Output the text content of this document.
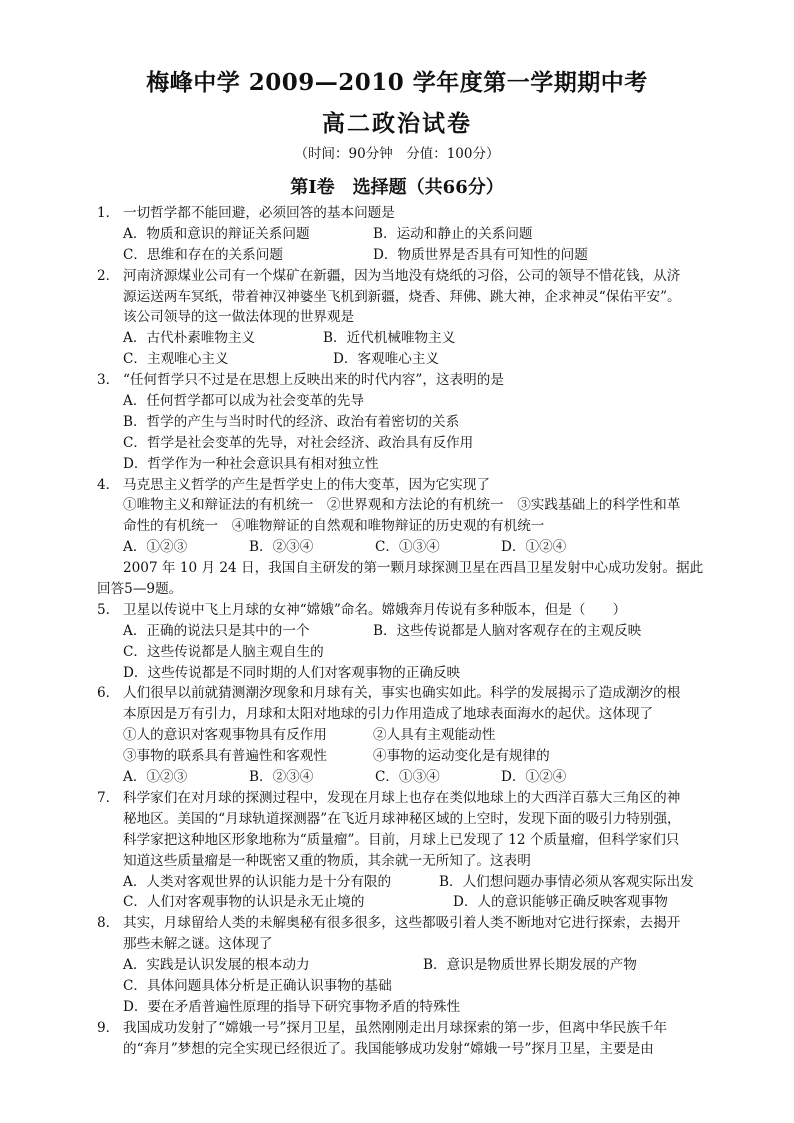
梅峰中学 2009—2010 学年度第一学期期中考
高二政治试卷
（时间：90分钟　分值：100分）
第Ⅰ卷　选择题（共66分）
1． 一切哲学都不能回避，必须回答的基本问题是
A．物质和意识的辩证关系问题	B．运动和静止的关系问题
C．思维和存在的关系问题	D．物质世界是否具有可知性的问题
2． 河南济源煤业公司有一个煤矿在新疆，因为当地没有烧纸的习俗，公司的领导不惜花钱，从济
源运送两车冥纸，带着神汉神婆坐飞机到新疆，烧香、拜佛、跳大神，企求神灵“保佑平安”。
该公司领导的这一做法体现的世界观是
A．古代朴素唯物主义	B．近代机械唯物主义
C．主观唯心主义	D．客观唯心主义
3． “任何哲学只不过是在思想上反映出来的时代内容”，这表明的是
A．任何哲学都可以成为社会变革的先导
B．哲学的产生与当时时代的经济、政治有着密切的关系
C．哲学是社会变革的先导，对社会经济、政治具有反作用
D．哲学作为一种社会意识具有相对独立性
4． 马克思主义哲学的产生是哲学史上的伟大变革，因为它实现了
①唯物主义和辩证法的有机统一　②世界观和方法论的有机统一　③实践基础上的科学性和革
命性的有机统一　④唯物辩证的自然观和唯物辩证的历史观的有机统一
A．①②③	B．②③④	C．①③④	D．①②④
2007 年 10 月 24 日，我国自主研发的第一颗月球探测卫星在西昌卫星发射中心成功发射。据此
回答5—9题。
5． 卫星以传说中飞上月球的女神“嫦娥”命名。嫦娥奔月传说有多种版本，但是（　　）
A．正确的说法只是其中的一个	B．这些传说都是人脑对客观存在的主观反映
C．这些传说都是人脑主观自生的
D．这些传说都是不同时期的人们对客观事物的正确反映
6． 人们很早以前就猜测潮汐现象和月球有关，事实也确实如此。科学的发展揭示了造成潮汐的根
本原因是万有引力，月球和太阳对地球的引力作用造成了地球表面海水的起伏。这体现了
①人的意识对客观事物具有反作用	②人具有主观能动性
③事物的联系具有普遍性和客观性	④事物的运动变化是有规律的
A．①②③	B．②③④	C．①③④	D．①②④
7． 科学家们在对月球的探测过程中，发现在月球上也存在类似地球上的大西洋百慕大三角区的神
秘地区。美国的“月球轨道探测器”在飞近月球神秘区域的上空时，发现下面的吸引力特别强，
科学家把这种地区形象地称为“质量瘤”。目前，月球上已发现了 12 个质量瘤，但科学家们只
知道这些质量瘤是一种既密又重的物质，其余就一无所知了。这表明
A．人类对客观世界的认识能力是十分有限的	B．人们想问题办事情必须从客观实际出发
C．人们对客观事物的认识是永无止境的	D．人的意识能够正确反映客观事物
8． 其实，月球留给人类的未解奥秘有很多很多，这些都吸引着人类不断地对它进行探索，去揭开
那些未解之谜。这体现了
A．实践是认识发展的根本动力	B．意识是物质世界长期发展的产物
C．具体问题具体分析是正确认识事物的基础
D．要在矛盾普遍性原理的指导下研究事物矛盾的特殊性
9． 我国成功发射了“嫦娥一号”探月卫星，虽然刚刚走出月球探索的第一步，但离中华民族千年
的“奔月”梦想的完全实现已经很近了。我国能够成功发射“嫦娥一号”探月卫星，主要是由
